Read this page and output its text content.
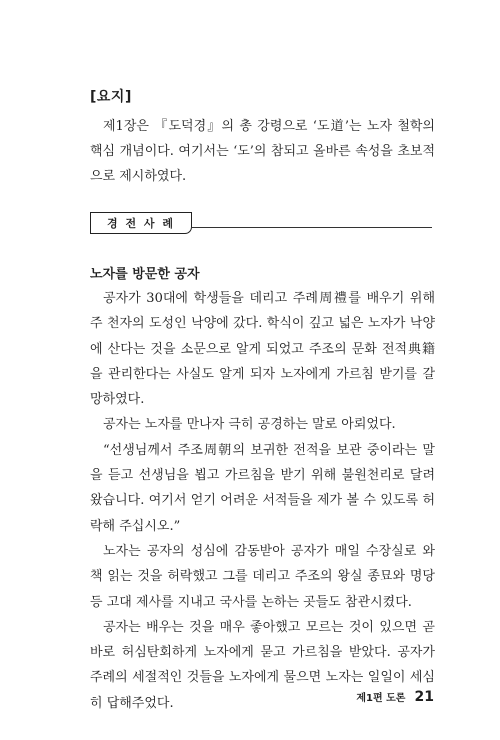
[요지]

제1장은 『도덕경』의 총 강령으로 ‘도道’는 노자 철학의 핵심 개념이다. 여기서는 ‘도’의 참되고 올바른 속성을 초보적으로 제시하였다.

경 전 사 례
노자를 방문한 공자

공자가 30대에 학생들을 데리고 주례周禮를 배우기 위해 주 천자의 도성인 낙양에 갔다. 학식이 깊고 넓은 노자가 낙양에 산다는 것을 소문으로 알게 되었고 주조의 문화 전적典籍을 관리한다는 사실도 알게 되자 노자에게 가르침 받기를 갈망하였다.

공자는 노자를 만나자 극히 공경하는 말로 아뢰었다.

“선생님께서 주조周朝의 보귀한 전적을 보관 중이라는 말을 듣고 선생님을 뵙고 가르침을 받기 위해 불원천리로 달려왔습니다. 여기서 얻기 어려운 서적들을 제가 볼 수 있도록 허락해 주십시오.”

노자는 공자의 성심에 감동받아 공자가 매일 수장실로 와 책 읽는 것을 허락했고 그를 데리고 주조의 왕실 종묘와 명당 등 고대 제사를 지내고 국사를 논하는 곳들도 참관시켰다.

공자는 배우는 것을 매우 좋아했고 모르는 것이 있으면 곧바로 허심탄회하게 노자에게 묻고 가르침을 받았다. 공자가 주례의 세절적인 것들을 노자에게 물으면 노자는 일일이 세심히 답해주었다.	제1편 도론 21
